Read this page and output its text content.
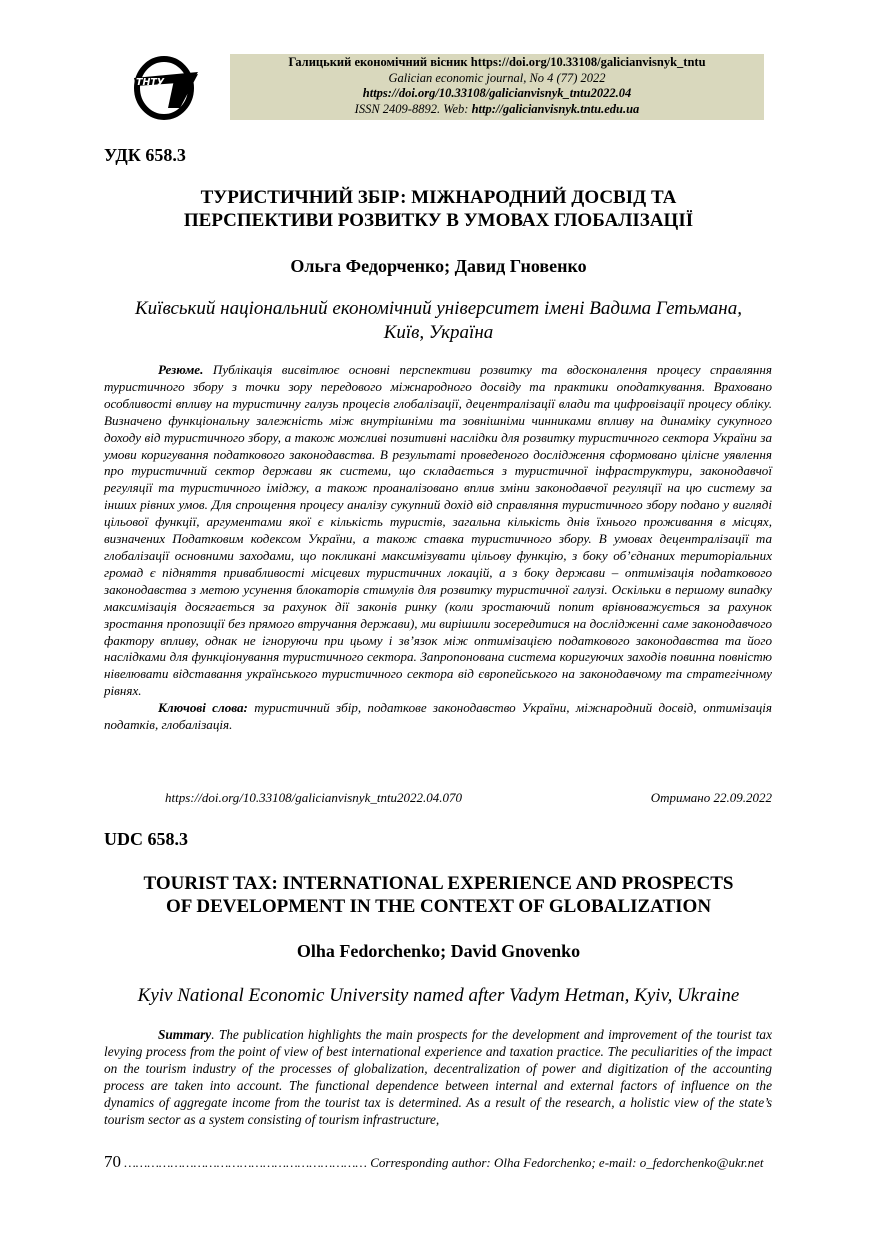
ТНТУ
Галицький економічний вісник https://doi.org/10.33108/galicianvisnyk_tntu
Galician economic journal, No 4 (77) 2022
https://doi.org/10.33108/galicianvisnyk_tntu2022.04
ISSN 2409-8892. Web: http://galicianvisnyk.tntu.edu.ua
УДК 658.3
ТУРИСТИЧНИЙ ЗБІР: МІЖНАРОДНИЙ ДОСВІД ТА
ПЕРСПЕКТИВИ РОЗВИТКУ В УМОВАХ ГЛОБАЛІЗАЦІЇ
Ольга Федорченко; Давид Гновенко
Київський національний економічний університет імені Вадима Гетьмана,
Київ, Україна

Резюме. Публікація висвітлює основні перспективи розвитку та вдосконалення процесу справляння туристичного збору з точки зору передового міжнародного досвіду та практики оподаткування. Враховано особливості впливу на туристичну галузь процесів глобалізації, децентралізації влади та цифровізації процесу обліку. Визначено функціональну залежність між внутрішніми та зовнішніми чинниками впливу на динаміку сукупного доходу від туристичного збору, а також можливі позитивні наслідки для розвитку туристичного сектора України за умови коригування податкового законодавства. В результаті проведеного дослідження сформовано цілісне уявлення про туристичний сектор держави як системи, що складається з туристичної інфраструктури, законодавчої регуляції та туристичного іміджу, а також проаналізовано вплив зміни законодавчої регуляції на цю систему за інших рівних умов. Для спрощення процесу аналізу сукупний дохід від справляння туристичного збору подано у вигляді цільової функції, аргументами якої є кількість туристів, загальна кількість днів їхнього проживання в місцях, визначених Податковим кодексом України, а також ставка туристичного збору. В умовах децентралізації та глобалізації основними заходами, що покликані максимізувати цільову функцію, з боку об’єднаних територіальних громад є підняття привабливості місцевих туристичних локацій, а з боку держави – оптимізація податкового законодавства з метою усунення блокаторів стимулів для розвитку туристичної галузі. Оскільки в першому випадку максимізація досягається за рахунок дії законів ринку (коли зростаючий попит врівноважується за рахунок зростання пропозиції без прямого втручання держави), ми вирішили зосередитися на дослідженні саме законодавчого фактору впливу, однак не ігноруючи при цьому і зв’язок між оптимізацією податкового законодавства та його наслідками для функціонування туристичного сектора. Запропонована система коригуючих заходів повинна повністю нівелювати відставання українського туристичного сектора від європейського на законодавчому та стратегічному рівнях.

Ключові слова: туристичний збір, податкове законодавство України, міжнародний досвід, оптимізація податків, глобалізація.

https://doi.org/10.33108/galicianvisnyk_tntu2022.04.070	Отримано 22.09.2022
UDC 658.3
TOURIST TAX: INTERNATIONAL EXPERIENCE AND PROSPECTS
OF DEVELOPMENT IN THE CONTEXT OF GLOBALIZATION
Olha Fedorchenko; David Gnovenko
Kyiv National Economic University named after Vadym Hetman, Kyiv, Ukraine

Summary. The publication highlights the main prospects for the development and improvement of the tourist tax levying process from the point of view of best international experience and taxation practice. The peculiarities of the impact on the tourism industry of the processes of globalization, decentralization of power and digitization of the accounting process are taken into account. The functional dependence between internal and external factors of influence on the dynamics of aggregate income from the tourist tax is determined. As a result of the research, a holistic view of the state’s tourism sector as a system consisting of tourism infrastructure,

70 ……………………………………………………… Corresponding author: Olha Fedorchenko; e-mail: o_fedorchenko@ukr.net
